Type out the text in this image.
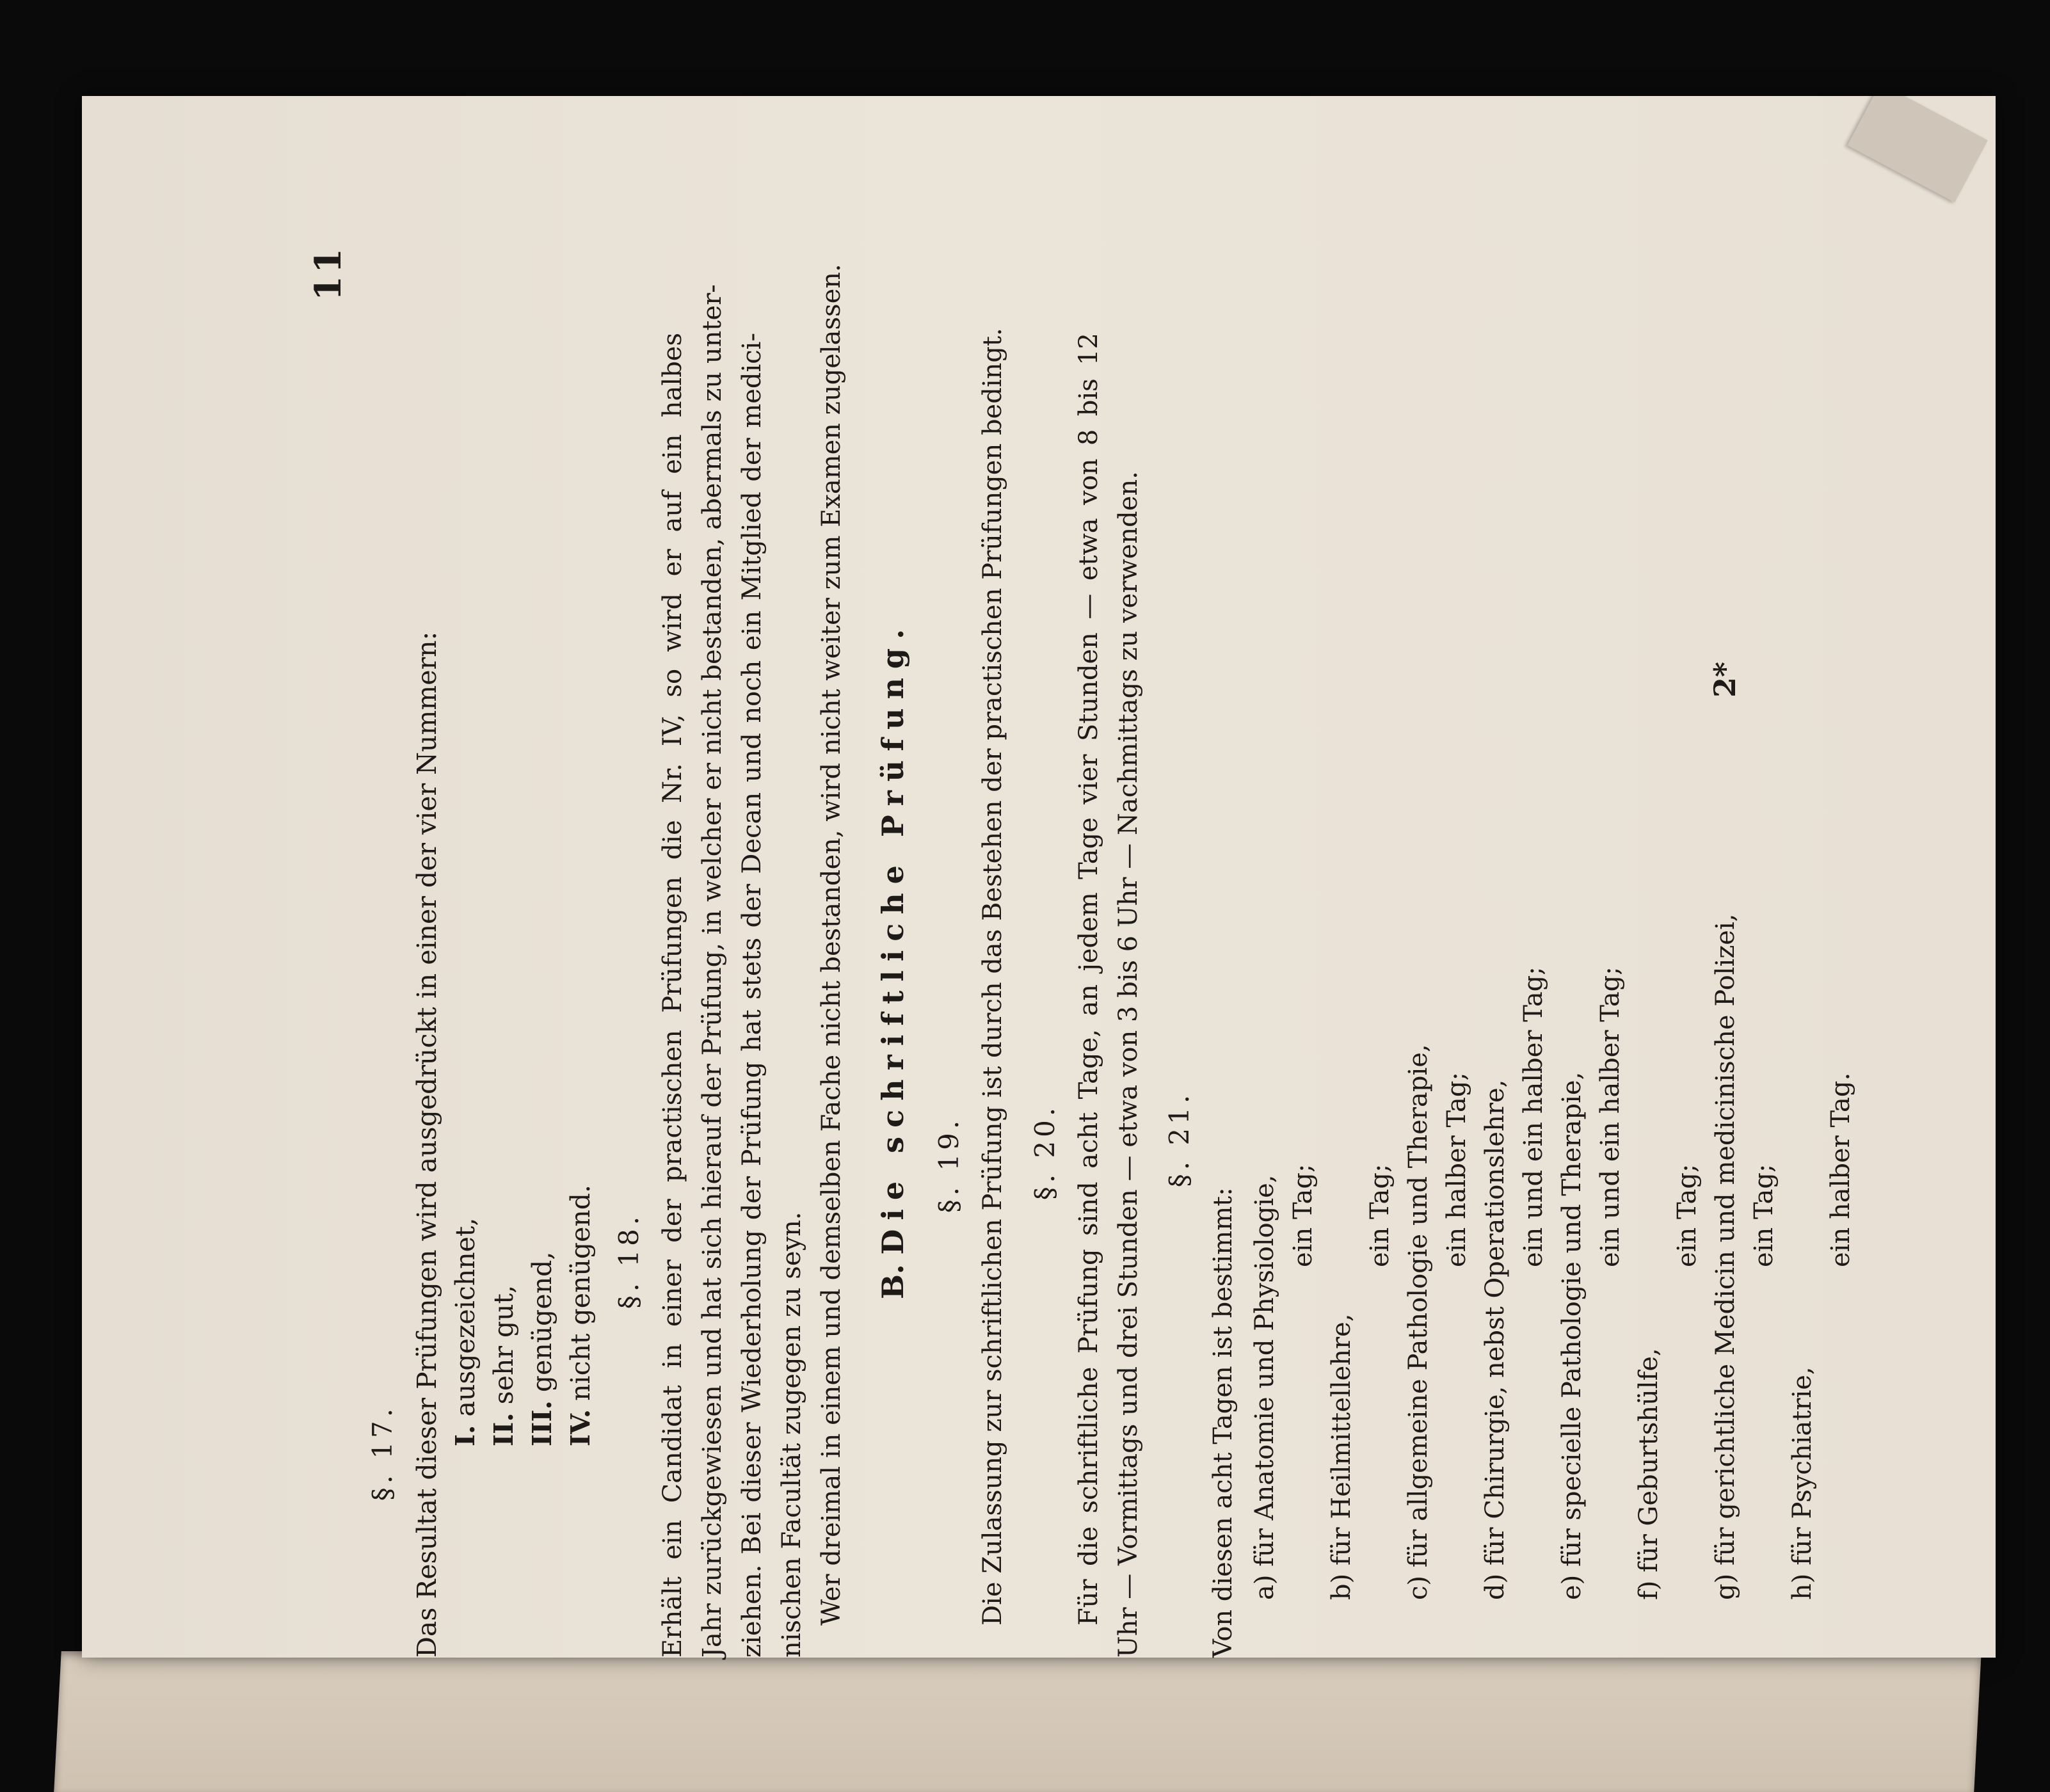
11
§. 17. Das Resultat dieser Prüfungen wird ausgedrückt in einer der vier Nummern: I. ausgezeichnet,
II. sehr gut,
III. genügend,
IV. nicht genügend. §. 18. Erhält ein Candidat in einer der practischen Prüfungen die Nr. IV, so wird er auf ein halbes Jahr zurückgewiesen und hat sich hierauf der Prüfung, in welcher er nicht bestanden, abermals zu unter- ziehen. Bei dieser Wiederholung der Prüfung hat stets der Decan und noch ein Mitglied der medici- nischen Facultät zugegen zu seyn. Wer dreimal in einem und demselben Fache nicht bestanden, wird nicht weiter zum Examen zugelassen. B. Die schriftliche Prüfung. §. 19. Die Zulassung zur schriftlichen Prüfung ist durch das Bestehen der practischen Prüfungen bedingt. §. 20. Für die schriftliche Prüfung sind acht Tage, an jedem Tage vier Stunden — etwa von 8 bis 12 Uhr — Vormittags und drei Stunden — etwa von 3 bis 6 Uhr — Nachmittags zu verwenden. §. 21.
Von diesen acht Tagen ist bestimmt: a) für Anatomie und Physiologie, ein Tag;
b) für Heilmittellehre,
ein Tag;
c) für allgemeine Pathologie und Therapie, ein halber Tag;
d) für Chirurgie, nebst Operationslehre, ein und ein halber Tag;
e) für specielle Pathologie und Therapie, ein und ein halber Tag;
f) für Geburtshülfe,
ein Tag;
g) für gerichtliche Medicin und medicinische Polizei, ein Tag;
h) für Psychiatrie,
ein halber Tag.
2*
